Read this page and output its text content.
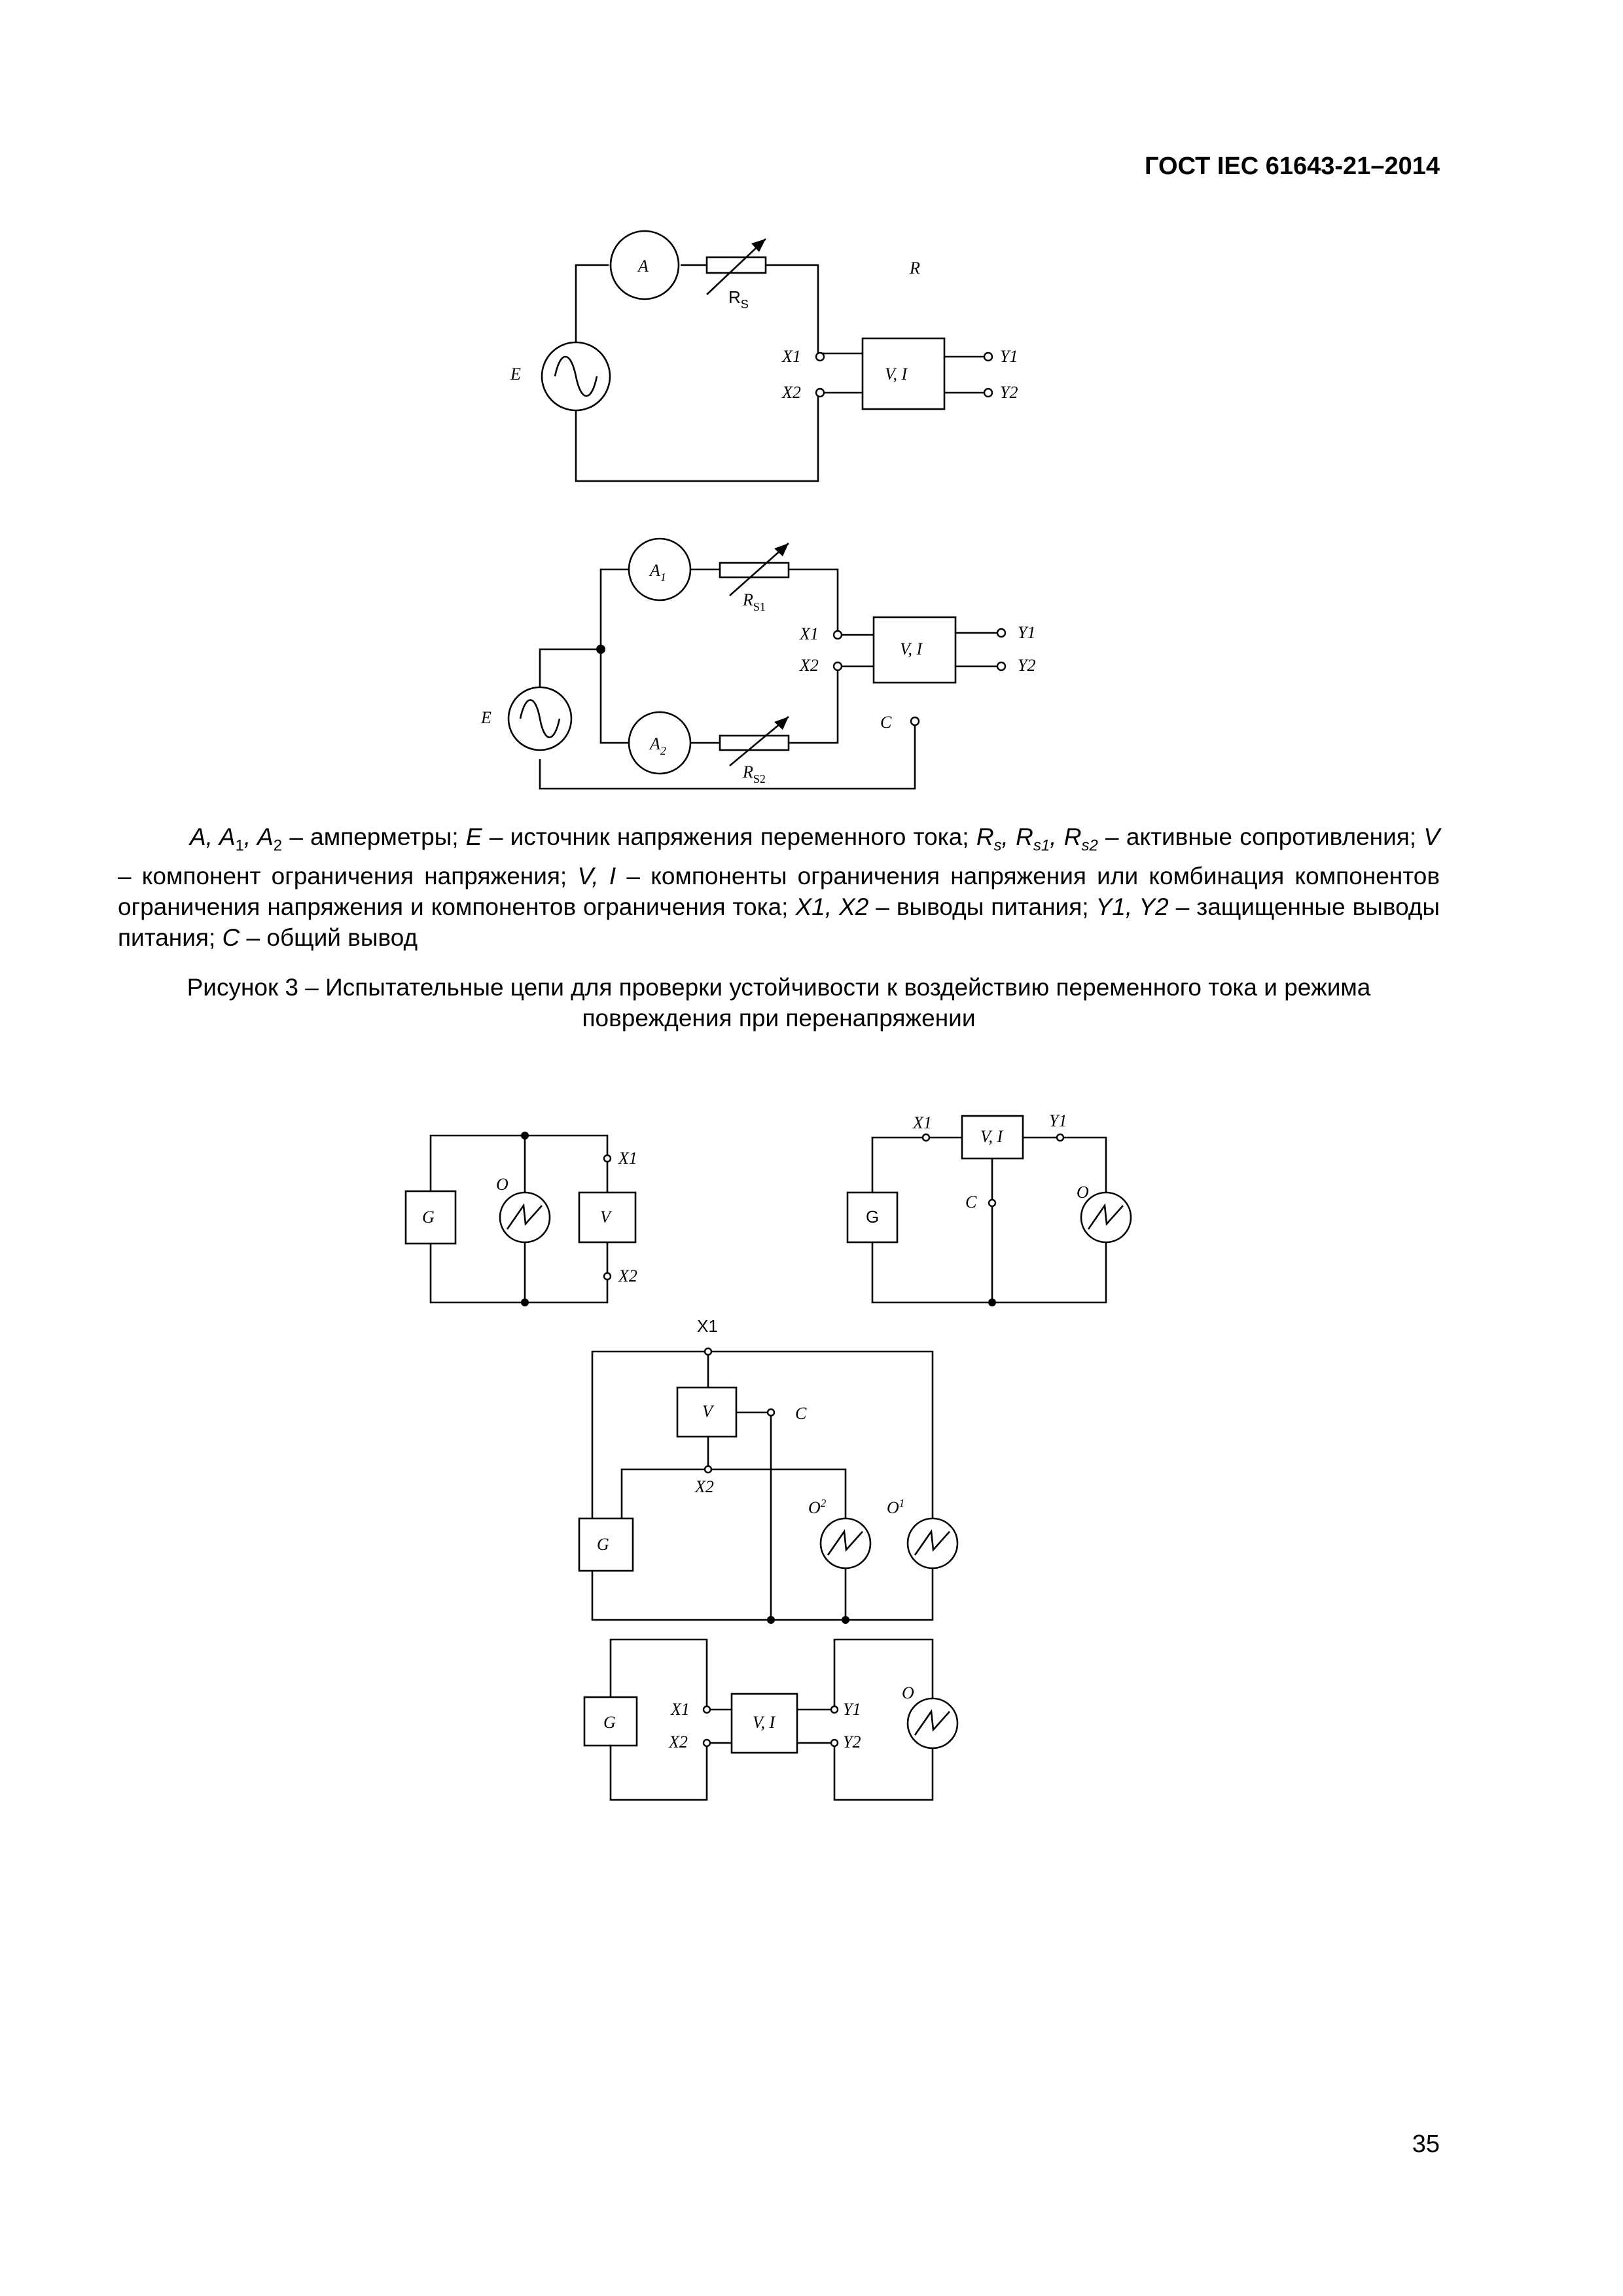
ГОСТ IEC 61643-21–2014
A
$R_S$
R
E
X1
X2
V, I
Y1
Y2
$A_1$
$A_2$
$R_{S1}$
$R_{S2}$
E
X1
X2
V, I
C
Y1
Y2
G
O
V
X1
X2
G
X1
V, I
Y1
C
O
X1
V	C
X2
G
$O^2$	$O^1$
G
X1
X2
V, I
Y1
Y2
O
A, $A_1$, $A_2$ – амперметры; E – источник напряжения переменного тока; $R_s$, $R_{s1}$, $R_{s2}$ – активные сопротивления; V – компонент ограничения напряжения; V, I – компоненты ограничения напряжения или комбинация компонентов ограничения напряжения и компонентов ограничения тока; X1, X2 – выводы питания; Y1, Y2 – защищенные выводы питания; C – общий вывод
Рисунок 3 – Испытательные цепи для проверки устойчивости к воздействию переменного тока и режима повреждения при перенапряжении
35
